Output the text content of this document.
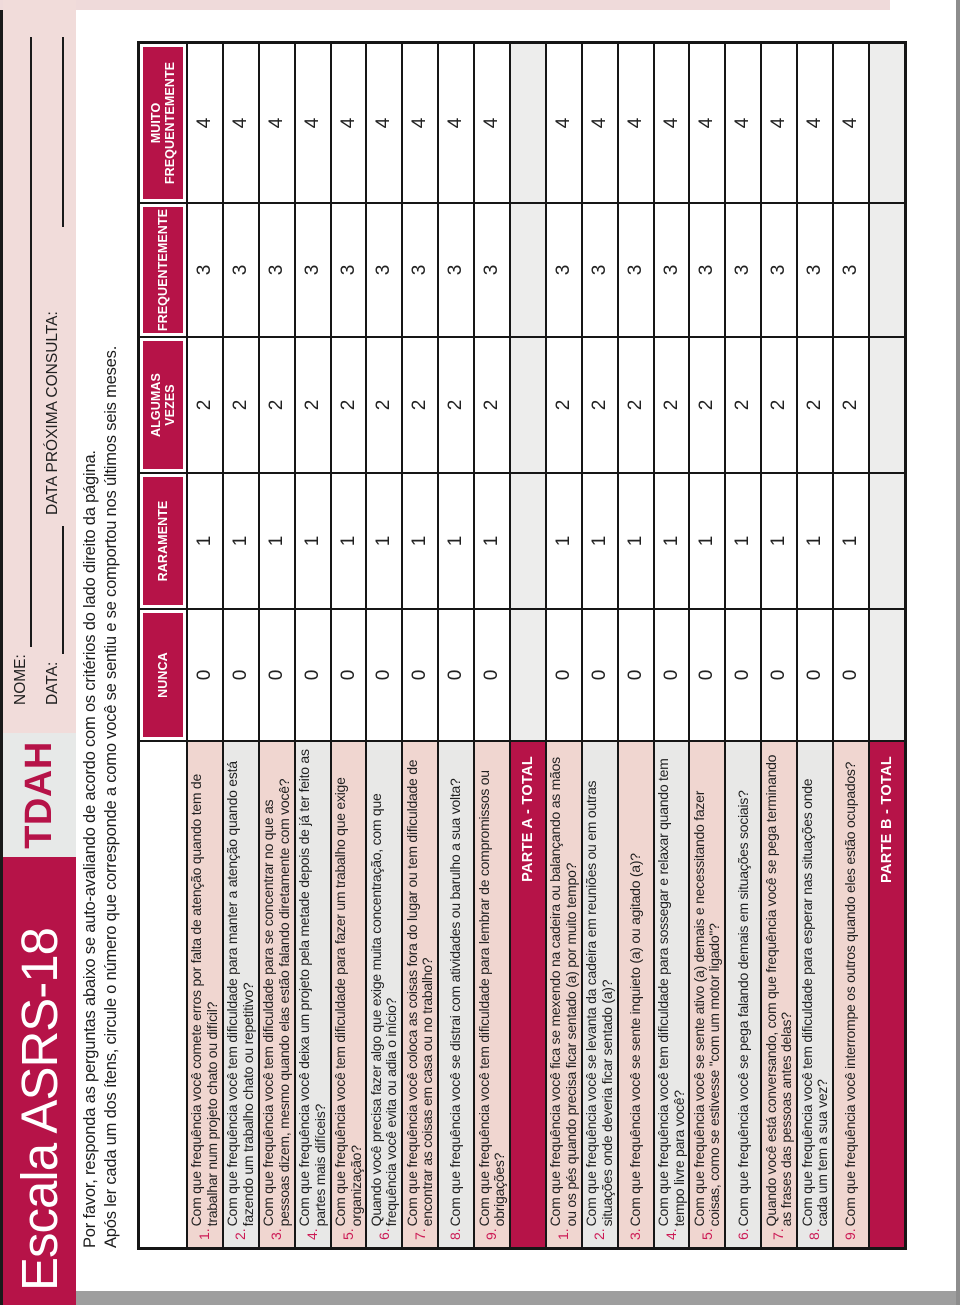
Escala ASRS-18
TDAH
NOME: DATA:
DATA PRÓXIMA CONSULTA:
Por favor, responda as perguntas abaixo se auto-avaliando de acordo com os critérios do lado direito da página. Após ler cada um dos ítens, circule o número que corresponde a como você se sentiu e se comportou nos últimos seis meses.	NUNCA
RARAMENTE
ALGUMAS VEZES
FREQUENTEMENTE
MUITO FREQUENTEMENTE
1.
Com que frequência você comete erros por falta de atenção quando tem de trabalhar num projeto chato ou difícil?
0
1
2
3
4
2.
Com que frequência você tem dificuldade para manter a atenção quando está fazendo um trabalho chato ou repetitivo?
0
1
2
3
4
3.
Com que frequência você tem dificuldade para se concentrar no que as pessoas dizem, mesmo quando elas estão falando diretamente com você?
0
1
2
3
4
4.
Com que frequência você deixa um projeto pela metade depois de já ter feito as partes mais difíceis?
0
1
2
3
4
5.
Com que frequência você tem dificuldade para fazer um trabalho que exige organização?
0
1
2
3
4
6.
Quando você precisa fazer algo que exige muita concentração, com que frequência você evita ou adia o início?
0
1
2
3
4
7.
Com que frequência você coloca as coisas fora do lugar ou tem dificuldade de encontrar as coisas em casa ou no trabalho?
0
1
2
3
4
8.
Com que frequência você se distrai com atividades ou barulho a sua volta?
0
1
2
3
4
9.
Com que frequência você tem dificuldade para lembrar de compromissos ou obrigações?
0
1
2
3
4
PARTE A - TOTAL
1.
Com que frequência você fica se mexendo na cadeira ou balançando as mãos ou os pés quando precisa ficar sentado (a) por muito tempo?
0
1
2
3
4
2.
Com que frequência você se levanta da cadeira em reuniões ou em outras situações onde deveria ficar sentado (a)?
0
1
2
3
4
3.
Com que frequência você se sente inquieto (a) ou agitado (a)?
0
1
2
3
4
4.
Com que frequência você tem dificuldade para sossegar e relaxar quando tem tempo livre para você?
0
1
2
3
4
5.
Com que frequência você se sente ativo (a) demais e necessitando fazer coisas, como se estivesse "com um motor ligado"?
0
1
2
3
4
6.
Com que frequência você se pega falando demais em situações sociais?
0
1
2
3
4
7.
Quando você está conversando, com que frequência você se pega terminando as frases das pessoas antes delas?
0
1
2
3
4
8.
Com que frequência você tem dificuldade para esperar nas situações onde cada um tem a sua vez?
0
1
2
3
4
9.
Com que frequência você interrompe os outros quando eles estão ocupados?
0
1
2
3
4
PARTE B - TOTAL
